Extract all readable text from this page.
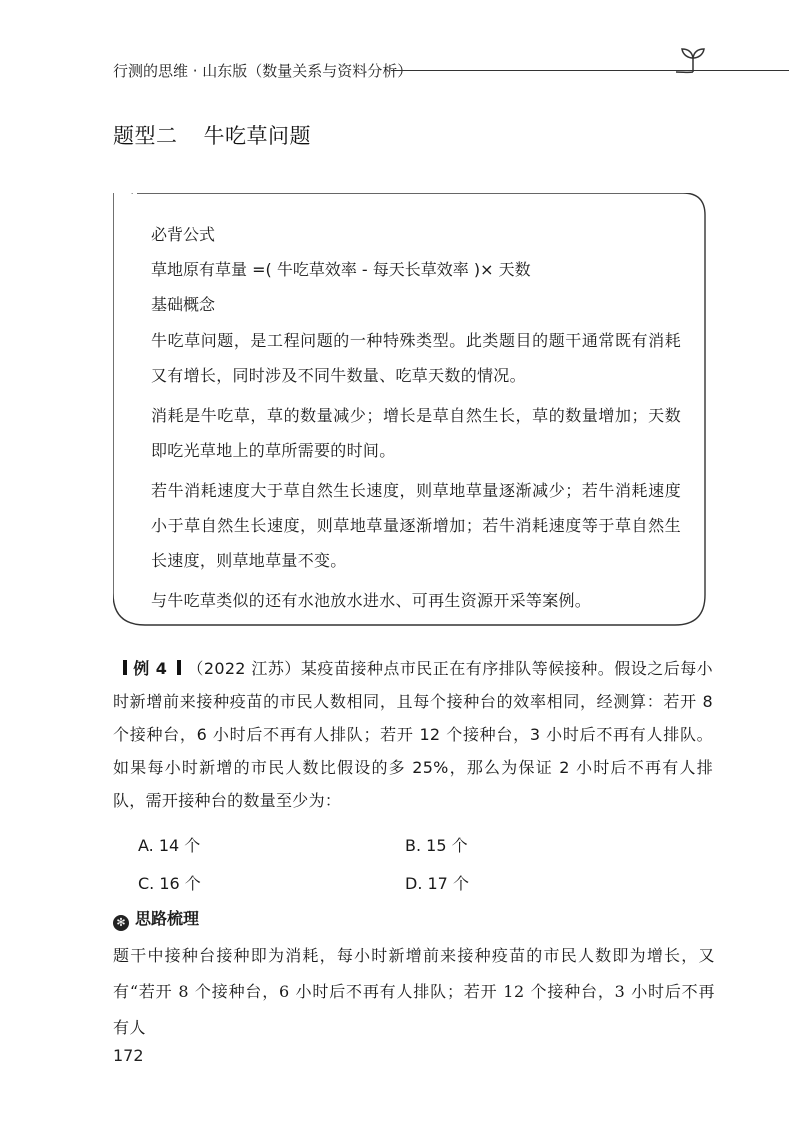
行测的思维 · 山东版（数量关系与资料分析）
题型二 牛吃草问题

必背公式

草地原有草量 =( 牛吃草效率 - 每天长草效率 )× 天数

基础概念

牛吃草问题，是工程问题的一种特殊类型。此类题目的题干通常既有消耗又有增长，同时涉及不同牛数量、吃草天数的情况。

消耗是牛吃草，草的数量减少；增长是草自然生长，草的数量增加；天数即吃光草地上的草所需要的时间。

若牛消耗速度大于草自然生长速度，则草地草量逐渐减少；若牛消耗速度小于草自然生长速度，则草地草量逐渐增加；若牛消耗速度等于草自然生长速度，则草地草量不变。

与牛吃草类似的还有水池放水进水、可再生资源开采等案例。

例 4 （2022 江苏）某疫苗接种点市民正在有序排队等候接种。假设之后每小时新增前来接种疫苗的市民人数相同，且每个接种台的效率相同，经测算：若开 8 个接种台，6 小时后不再有人排队；若开 12 个接种台，3 小时后不再有人排队。如果每小时新增的市民人数比假设的多 25%，那么为保证 2 小时后不再有人排队，需开接种台的数量至少为：
A. 14 个	B. 15 个
C. 16 个	D. 17 个
✻ 思路梳理
题干中接种台接种即为消耗，每小时新增前来接种疫苗的市民人数即为增长，又有“若开 8 个接种台，6 小时后不再有人排队；若开 12 个接种台，3 小时后不再有人
172
